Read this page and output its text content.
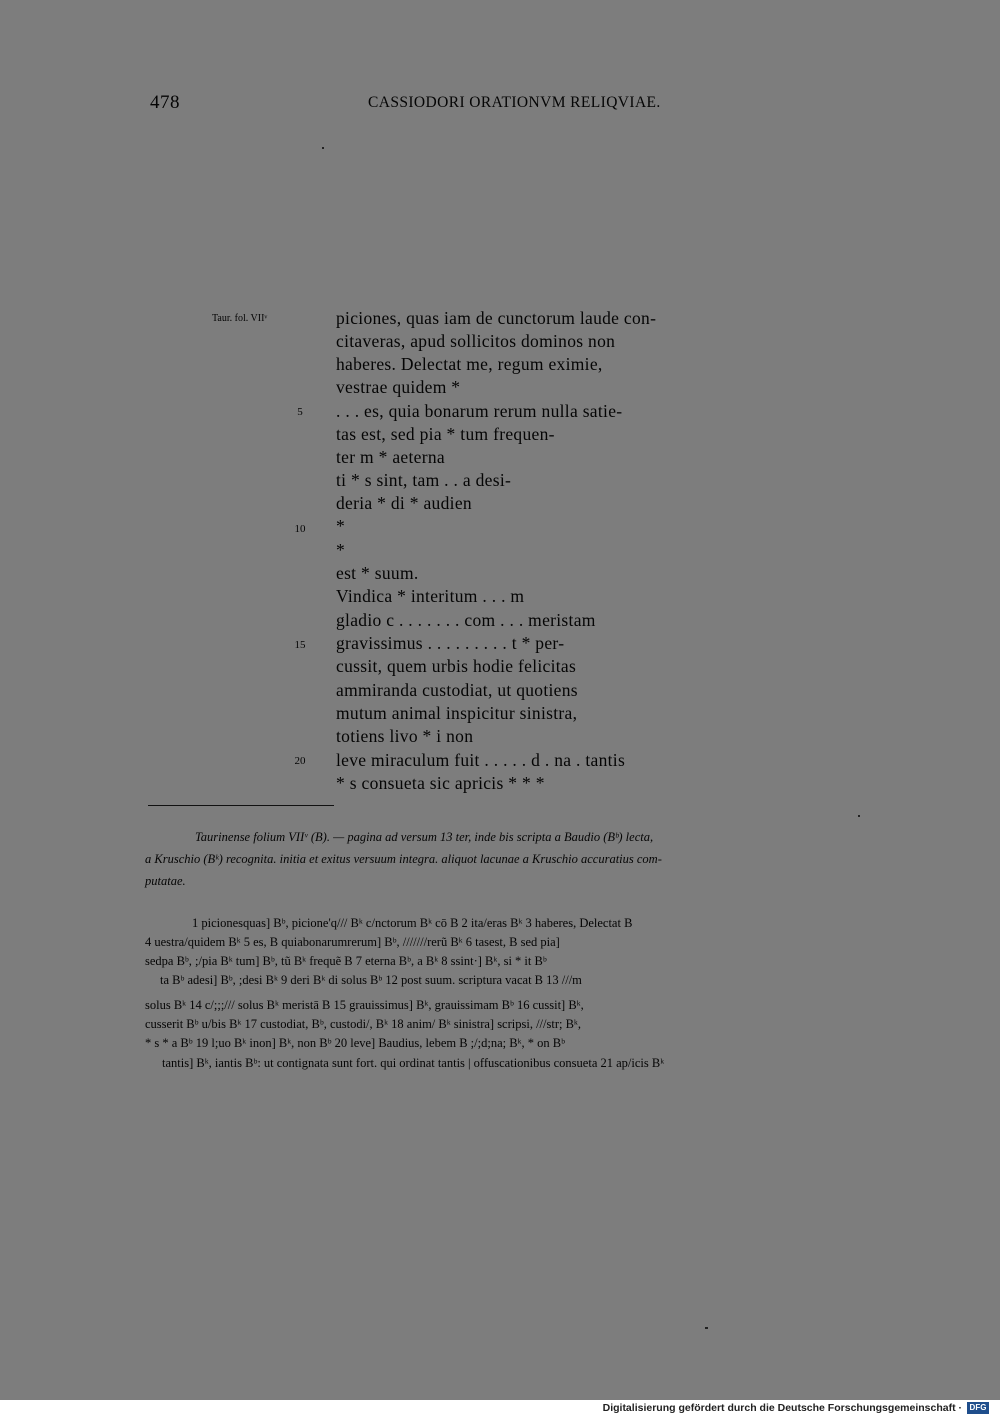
478	CASSIODORI ORATIONVM RELIQVIAE.
Taur. fol. VIIᵛ	piciones, quas iam de cunctorum laude con-
citaveras, apud sollicitos dominos non
haberes. Delectat me, regum eximie,
vestrae quidem *
. . . es, quia bonarum rerum nulla satie-
tas est, sed pia * tum frequen-
ter m * aeterna
ti * s sint, tam . . a desi-
deria * di * audien
*
*
est * suum.
Vindica * interitum . . . m
gladio c . . . . . . . com . . . meristam
gravissimus . . . . . . . . . t * per-
cussit, quem urbis hodie felicitas
ammiranda custodiat, ut quotiens
mutum animal inspicitur sinistra,
totiens livo * i non
leve miraculum fuit . . . . . d . na . tantis
* s consueta sic apricis * * *
5
10
15
20
Taurinense folium VIIᵛ (B). — pagina ad versum 13 ter, inde bis scripta a Baudio (Bᵇ) lecta,
a Kruschio (Bᵏ) recognita. initia et exitus versuum integra. aliquot lacunae a Kruschio accuratius com-
putatae.
1 picionesquas] Bᵇ, picione'q/// Bᵏ c/nctorum Bᵏ cō B 2 ita/eras Bᵏ 3 haberes, Delectat B
4 uestra/quidem Bᵏ 5 es, B quiabonarumrerum] Bᵇ, ///////rerũ Bᵏ 6 tasest, B sed pia]
sedpa Bᵇ, ;/pia Bᵏ tum] Bᵇ, tũ Bᵏ frequẽ B 7 eterna Bᵇ, a Bᵏ 8 ssint·] Bᵏ, si * it Bᵇ
ta Bᵇ adesi] Bᵇ, ;desi Bᵏ 9 deri Bᵏ di solus Bᵇ 12 post suum. scriptura vacat B 13 ///m
solus Bᵏ 14 c/;;;/// solus Bᵏ meristā B 15 grauissimus] Bᵏ, grauissimam Bᵇ 16 cussit] Bᵏ,
cusserit Bᵇ u/bis Bᵏ 17 custodiat, Bᵇ, custodi/, Bᵏ 18 anim/ Bᵏ sinistra] scripsi, ///str; Bᵏ,
* s * a Bᵇ 19 l;uo Bᵏ inon] Bᵏ, non Bᵇ 20 leve] Baudius, lebem B ;/;d;na; Bᵏ, * on Bᵇ
tantis] Bᵏ, iantis Bᵇ: ut contignata sunt fort. qui ordinat tantis | offuscationibus consueta 21 ap/icis Bᵏ
Digitalisierung gefördert durch die Deutsche Forschungsgemeinschaft · DFG
